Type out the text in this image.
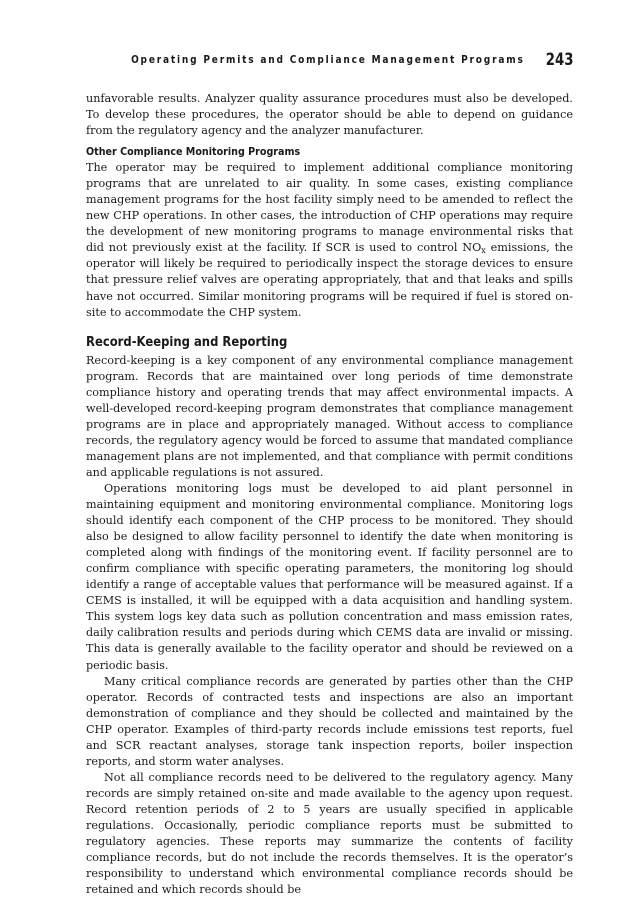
Operating Permits and Compliance Management Programs 243

unfavorable results. Analyzer quality assurance procedures must also be developed. To develop these procedures, the operator should be able to depend on guidance from the regulatory agency and the analyzer manufacturer.

Other Compliance Monitoring Programs

The operator may be required to implement additional compliance monitoring programs that are unrelated to air quality. In some cases, existing compliance management programs for the host facility simply need to be amended to reflect the new CHP operations. In other cases, the introduction of CHP operations may require the development of new monitoring programs to manage environmental risks that did not previously exist at the facility. If SCR is used to control $NO_x$ emissions, the operator will likely be required to periodically inspect the storage devices to ensure that pressure relief valves are operating appropriately, that and that leaks and spills have not occurred. Similar monitoring programs will be required if fuel is stored on-site to accommodate the CHP system.

Record-Keeping and Reporting

Record-keeping is a key component of any environmental compliance management program. Records that are maintained over long periods of time demonstrate compliance history and operating trends that may affect environmental impacts. A well-developed record-keeping program demonstrates that compliance management programs are in place and appropriately managed. Without access to compliance records, the regulatory agency would be forced to assume that mandated compliance management plans are not implemented, and that compliance with permit conditions and applicable regulations is not assured.

Operations monitoring logs must be developed to aid plant personnel in maintaining equipment and monitoring environmental compliance. Monitoring logs should identify each component of the CHP process to be monitored. They should also be designed to allow facility personnel to identify the date when monitoring is completed along with findings of the monitoring event. If facility personnel are to confirm compliance with specific operating parameters, the monitoring log should identify a range of acceptable values that performance will be measured against. If a CEMS is installed, it will be equipped with a data acquisition and handling system. This system logs key data such as pollution concentration and mass emission rates, daily calibration results and periods during which CEMS data are invalid or missing. This data is generally available to the facility operator and should be reviewed on a periodic basis.

Many critical compliance records are generated by parties other than the CHP operator. Records of contracted tests and inspections are also an important demonstration of compliance and they should be collected and maintained by the CHP operator. Examples of third-party records include emissions test reports, fuel and SCR reactant analyses, storage tank inspection reports, boiler inspection reports, and storm water analyses.

Not all compliance records need to be delivered to the regulatory agency. Many records are simply retained on-site and made available to the agency upon request. Record retention periods of 2 to 5 years are usually specified in applicable regulations. Occasionally, periodic compliance reports must be submitted to regulatory agencies. These reports may summarize the contents of facility compliance records, but do not include the records themselves. It is the operator’s responsibility to understand which environmental compliance records should be retained and which records should be
